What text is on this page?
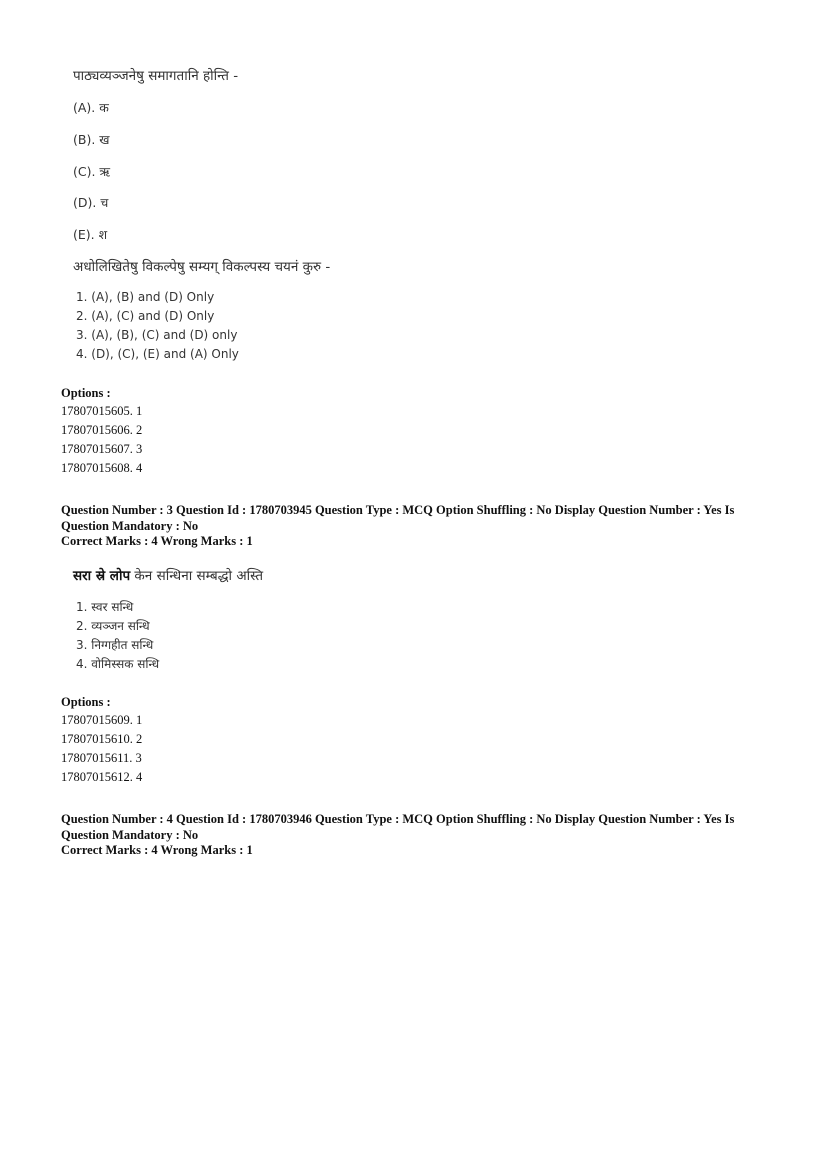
पाठ्यव्यञ्जनेषु समागतानि होन्ति -
(A). क
(B). ख
(C). ऋ
(D). च
(E). श
अधोलिखितेषु विकल्पेषु सम्यग् विकल्पस्य चयनं कुरु -
1. (A), (B) and (D) Only
2. (A), (C) and (D) Only
3. (A), (B), (C) and (D) only
4. (D), (C), (E) and (A) Only
Options :
17807015605. 1
17807015606. 2
17807015607. 3
17807015608. 4
Question Number : 3 Question Id : 1780703945 Question Type : MCQ Option Shuffling : No Display Question Number : Yes Is
Question Mandatory : No
Correct Marks : 4 Wrong Marks : 1
सरा स्रे लोप केन सन्धिना सम्बद्धो अस्ति
1. स्वर सन्धि
2. व्यञ्जन सन्धि
3. निग्गहीत सन्धि
4. वोमिस्सक सन्धि
Options :
17807015609. 1
17807015610. 2
17807015611. 3
17807015612. 4
Question Number : 4 Question Id : 1780703946 Question Type : MCQ Option Shuffling : No Display Question Number : Yes Is
Question Mandatory : No
Correct Marks : 4 Wrong Marks : 1
